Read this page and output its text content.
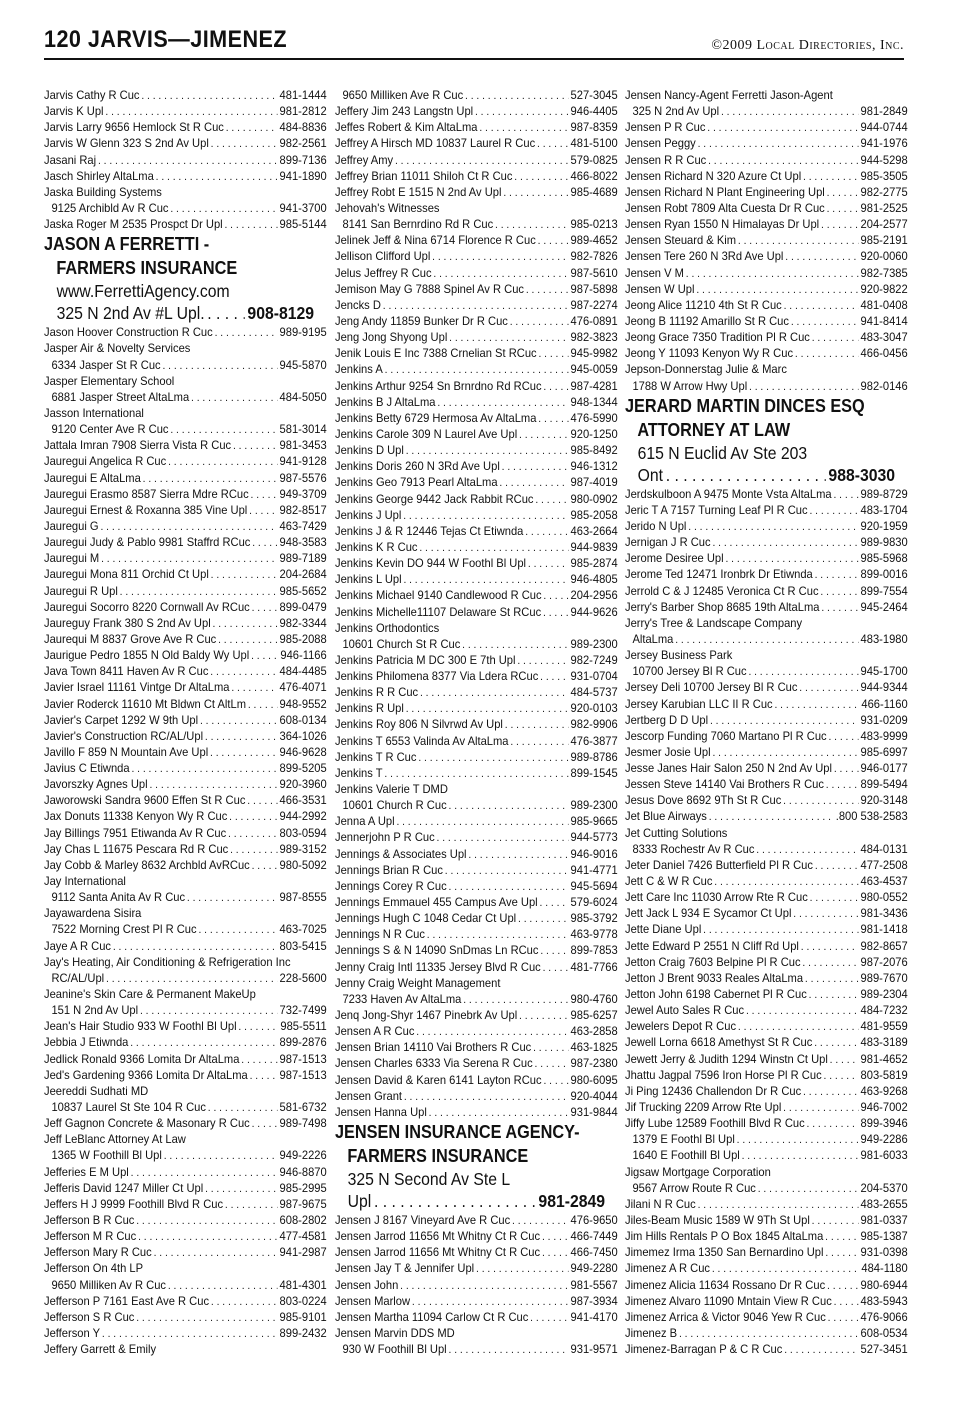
120 JARVIS—JIMENEZ	©2009 Local Directories, Inc.
Jarvis Cathy R Cuc . . .	481-1444
Jarvis K Upl . . .	981-2812
Jarvis Larry 9656 Hemlock St R Cuc . . .	484-8836
Jarvis W Glenn 323 S 2nd Av Upl . . .	982-2561
Jasani Raj . . .	899-7136
Jasch Shirley AltaLma . . .	941-1890
Jaska Building Systems
9125 Archibld Av R Cuc . . .	941-3700
Jaska Roger M 2535 Prospct Dr Upl . . .	985-5144
JASON A FERRETTI -
FARMERS INSURANCE
www.FerrettiAgency.com
325 N 2nd Av #L Upl. . . . 908-8129
Jason Hoover Construction R Cuc . . .	989-9195
Jasper Air & Novelty Services
6334 Jasper St R Cuc . . .	945-5870
Jasper Elementary School
6881 Jasper Street AltaLma . . .	484-5050
Jasson International
9120 Center Ave R Cuc . . .	581-3014
Jattala Imran 7908 Sierra Vista R Cuc . . .	981-3453
Jauregui Angelica R Cuc . . .	941-9128
Jauregui E AltaLma . . .	987-5576
Jauregui Erasmo 8587 Sierra Mdre RCuc . . .	949-3709
Jauregui Ernest & Roxanna 385 Vine Upl . . .	982-8517
Jauregui G . . .	463-7429
Jauregui Judy & Pablo 9981 Staffrd RCuc . . . 948-3583
Jauregui M . . .	989-7189
Jauregui Mona 811 Orchid Ct Upl . . .	204-2684
Jauregui R Upl . . .	985-5652
Jauregui Socorro 8220 Cornwall Av RCuc . . . 899-0479
Jaureguy Frank 380 S 2nd Av Upl . . .	982-3344
Jaurequi M 8837 Grove Ave R Cuc . . .	985-2088
Jaurigue Pedro 1855 N Old Baldy Wy Upl . . .	946-1166
Java Town 8411 Haven Av R Cuc . . .	484-4485
Javier Israel 11161 Vintge Dr AltaLma . . .	476-4071
Javier Roderck 11610 Mt Bldwn Ct AltLm . . .	948-9552
Javier's Carpet 1292 W 9th Upl . . .	608-0134
Javier's Construction RC/AL/Upl . . .	364-1026
Javillo F 859 N Mountain Ave Upl . . .	946-9628
Javius C Etiwnda . . .	899-5205
Javorszky Agnes Upl . . .	920-3960
Jaworowski Sandra 9600 Effen St R Cuc . . .	466-3531
Jax Donuts 11338 Kenyon Wy R Cuc . . .	944-2992
Jay Billings 7951 Etiwanda Av R Cuc . . .	803-0594
Jay Chas L 11675 Pescara Rd R Cuc . . .	989-3152
Jay Cobb & Marley 8632 Archbld AvRCuc . . . 980-5092
Jay International
9112 Santa Anita Av R Cuc . . .	987-8555
Jayawardena Sisira
7522 Morning Crest Pl R Cuc . . .	463-7025
Jaye A R Cuc . . .	803-5415
Jay's Heating, Air Conditioning & Refrigeration Inc
RC/AL/Upl . . .	228-5600
Jeanine's Skin Care & Permanent MakeUp
151 N 2nd Av Upl . . .	732-7499
Jean's Hair Studio 933 W Foothl Bl Upl . . .	985-5511
Jebbia J Etiwnda . . .	899-2876
Jedlick Ronald 9366 Lomita Dr AltaLma . . .	987-1513
Jed's Gardening 9366 Lomita Dr AltaLma . . .	987-1513
Jeereddi Sudhati MD
10837 Laurel St Ste 104 R Cuc . . .	581-6732
Jeff Gagnon Concrete & Masonary R Cuc . . . 989-7498
Jeff LeBlanc Attorney At Law
1365 W Foothill Bl Upl . . .	949-2226
Jefferies E M Upl . . .	946-8870
Jefferis David 1247 Miller Ct Upl . . .	985-2995
Jeffers H J 9999 Foothill Blvd R Cuc . . .	987-9675
Jefferson B R Cuc . . .	608-2802
Jefferson M R Cuc . . .	477-4581
Jefferson Mary R Cuc . . .	941-2987
Jefferson On 4th LP
9650 Milliken Av R Cuc . . .	481-4301
Jefferson P 7161 East Ave R Cuc . . .	803-0224
Jefferson S R Cuc . . .	985-9101
Jefferson Y . . .	899-2432
Jeffery Garrett & Emily
9650 Milliken Ave R Cuc . . .	527-3045
Jeffery Jim 243 Langstn Upl . . .	946-4405
Jeffes Robert & Kim AltaLma . . .	987-8359
Jeffrey A Hirsch MD 10837 Laurel R Cuc . . .	481-5100
Jeffrey Amy . . .	579-0825
Jeffrey Brian 11011 Shiloh Ct R Cuc . . .	466-8022
Jeffrey Robt E 1515 N 2nd Av Upl . . .	985-4689
Jehovah's Witnesses
8141 San Bernrdino Rd R Cuc . . .	985-0213
Jelinek Jeff & Nina 6714 Florence R Cuc . . .	989-4652
Jellison Clifford Upl . . .	982-7826
Jelus Jeffrey R Cuc . . .	987-5610
Jemison May G 7888 Spinel Av R Cuc . . .	987-5898
Jencks D . . .	987-2274
Jeng Andy 11859 Bunker Dr R Cuc . . .	476-0891
Jeng Jong Shyong Upl . . .	982-3823
Jenik Louis E Inc 7388 Crnelian St RCuc . . .	945-9982
Jenkins A . . .	945-0059
Jenkins Arthur 9254 Sn Brnrdno Rd RCuc . . . 987-4281
Jenkins B J AltaLma . . .	948-1344
Jenkins Betty 6729 Hermosa Av AltaLma . . .	476-5990
Jenkins Carole 309 N Laurel Ave Upl . . .	920-1250
Jenkins D Upl . . .	985-8492
Jenkins Doris 260 N 3Rd Ave Upl . . .	946-1312
Jenkins Geo 7913 Pearl AltaLma . . .	987-4019
Jenkins George 9442 Jack Rabbit RCuc . . .	980-0902
Jenkins J Upl . . .	985-2058
Jenkins J & R 12446 Tejas Ct Etiwnda . . .	463-2664
Jenkins K R Cuc . . .	944-9839
Jenkins Kevin DO 944 W Foothl Bl Upl . . .	985-2874
Jenkins L Upl . . .	946-4805
Jenkins Michael 9140 Candlewood R Cuc . . . 204-2956
Jenkins Michelle11107 Delaware St RCuc . . . 944-9626
Jenkins Orthodontics
10601 Church St R Cuc . . .	989-2300
Jenkins Patricia M DC 300 E 7th Upl . . .	982-7249
Jenkins Philomena 8377 Via Ldera RCuc . . .	931-0704
Jenkins R R Cuc . . .	484-5737
Jenkins R Upl . . .	920-0103
Jenkins Roy 806 N Silvrwd Av Upl . . .	982-9906
Jenkins T 6553 Valinda Av AltaLma . . .	476-3877
Jenkins T R Cuc . . .	989-8786
Jenkins T . . .	899-1545
Jenkins Valerie T DMD
10601 Church R Cuc . . .	989-2300
Jenna A Upl . . .	985-9665
Jennerjohn P R Cuc . . .	944-5773
Jennings & Associates Upl . . .	946-9016
Jennings Brian R Cuc . . .	941-4771
Jennings Corey R Cuc . . .	945-5694
Jennings Emmauel 455 Campus Ave Upl . . .	579-6024
Jennings Hugh C 1048 Cedar Ct Upl . . .	985-3792
Jennings N R Cuc . . .	463-9778
Jennings S & N 14090 SnDmas Ln RCuc . . .	899-7853
Jenny Craig Intl 11335 Jersey Blvd R Cuc . . . 481-7766
Jenny Craig Weight Management
7233 Haven Av AltaLma . . .	980-4760
Jenq Jong-Shyr 1467 Pinebrk Av Upl . . .	985-6257
Jensen A R Cuc . . .	463-2858
Jensen Brian 14110 Vai Brothers R Cuc . . .	463-1825
Jensen Charles 6333 Via Serena R Cuc . . .	987-2380
Jensen David & Karen 6141 Layton RCuc . . . 980-6095
Jensen Grant . . .	920-4044
Jensen Hanna Upl . . .	931-9844
JENSEN INSURANCE AGENCY-
FARMERS INSURANCE
325 N Second Av Ste L
Upl . . .	981-2849
Jensen J 8167 Vineyard Ave R Cuc . . .	476-9650
Jensen Jarrod 11656 Mt Whitny Ct R Cuc . . .	466-7449
Jensen Jarrod 11656 Mt Whitny Ct R Cuc . . .	466-7450
Jensen Jay T & Jennifer Upl . . .	949-2280
Jensen John . . .	981-5567
Jensen Marlow . . .	987-3934
Jensen Martha 11094 Carlow Ct R Cuc . . .	941-4170
Jensen Marvin DDS MD
930 W Foothill Bl Upl . . .	931-9571
Jensen Nancy-Agent Ferretti Jason-Agent
325 N 2nd Av Upl . . .	981-2849
Jensen P R Cuc . . .	944-0744
Jensen Peggy . . .	941-1976
Jensen R R Cuc . . .	944-5298
Jensen Richard N 320 Azure Ct Upl . . .	985-3505
Jensen Richard N Plant Engineering Upl . . .	982-2775
Jensen Robt 7809 Alta Cuesta Dr R Cuc . . .	981-2525
Jensen Ryan 1550 N Himalayas Dr Upl . . .	204-2577
Jensen Steuard & Kim . . .	985-2191
Jensen Tere 260 N 3Rd Ave Upl . . .	920-0060
Jensen V M . . .	982-7385
Jensen W Upl . . .	920-9822
Jeong Alice 11210 4th St R Cuc . . .	481-0408
Jeong B 11192 Amarillo St R Cuc . . .	941-8414
Jeong Grace 7350 Tradition Pl R Cuc . . .	483-3047
Jeong Y 11093 Kenyon Wy R Cuc . . .	466-0456
Jepson-Donnerstag Julie & Marc
1788 W Arrow Hwy Upl . . .	982-0146
JERARD MARTIN DINCES ESQ
ATTORNEY AT LAW
615 N Euclid Av Ste 203
Ont . . .	988-3030
Jerdskulboon A 9475 Monte Vsta AltaLma . . . 989-8729
Jeric T A 7157 Turning Leaf Pl R Cuc . . .	483-1704
Jerido N Upl . . .	920-1959
Jernigan J R Cuc . . .	989-9830
Jerome Desiree Upl . . .	985-5968
Jerome Ted 12471 Ironbrk Dr Etiwnda . . .	899-0016
Jerrold C & J 12485 Veronica Ct R Cuc . . .	899-7554
Jerry's Barber Shop 8685 19th AltaLma . . .	945-2464
Jerry's Tree & Landscape Company
AltaLma . . .	483-1980
Jersey Business Park
10700 Jersey Bl R Cuc . . .	945-1700
Jersey Deli 10700 Jersey Bl R Cuc . . .	944-9344
Jersey Karubian LLC II R Cuc . . .	466-1160
Jertberg D D Upl . . .	931-0209
Jescorp Funding 7060 Martano Pl R Cuc . . .	483-9999
Jesmer Josie Upl . . .	985-6997
Jesse Janes Hair Salon 250 N 2nd Av Upl . . . 946-0177
Jessen Steve 14140 Vai Brothers R Cuc . . .	899-5494
Jesus Dove 8692 9Th St R Cuc . . .	920-3148
Jet Blue Airways . . .	.800 538-2583
Jet Cutting Solutions
8333 Rochestr Av R Cuc . . .	484-0131
Jeter Daniel 7426 Butterfield Pl R Cuc . . .	477-2508
Jett C & W R Cuc . . .	463-4537
Jett Care Inc 11030 Arrow Rte R Cuc . . .	980-0552
Jett Jack L 934 E Sycamor Ct Upl . . .	981-3436
Jette Diane Upl . . .	981-1418
Jette Edward P 2551 N Cliff Rd Upl . . .	982-8657
Jetton Craig 7603 Belpine Pl R Cuc . . .	987-2076
Jetton J Brent 9033 Reales AltaLma . . .	989-7670
Jetton John 6198 Cabernet Pl R Cuc . . .	989-2304
Jewel Auto Sales R Cuc . . .	484-7232
Jewelers Depot R Cuc . . .	481-9559
Jewell Lorna 6618 Amethyst St R Cuc . . .	483-3189
Jewett Jerry & Judith 1294 Winstn Ct Upl . . .	981-4652
Jhattu Jagpal 7596 Iron Horse Pl R Cuc . . .	803-5819
Ji Ping 12436 Challendon Dr R Cuc . . .	463-9268
Jif Trucking 2209 Arrow Rte Upl . . .	946-7002
Jiffy Lube 12589 Foothill Blvd R Cuc . . .	899-3946
1379 E Foothl Bl Upl . . .	949-2286
1640 E Foothill Bl Upl . . .	981-6033
Jigsaw Mortgage Corporation
9567 Arrow Route R Cuc . . .	204-5370
Jilani N R Cuc . . .	483-2655
Jiles-Beam Music 1589 W 9Th St Upl . . .	981-0337
Jim Hills Rentals P O Box 1845 AltaLma . . .	985-1387
Jimemez Irma 1350 San Bernardino Upl . . .	931-0398
Jimenez A R Cuc . . .	484-1180
Jimenez Alicia 11634 Rossano Dr R Cuc . . .	980-6944
Jimenez Alvaro 11090 Mntain View R Cuc . . . 483-5943
Jimenez Arrica & Victor 9046 Yew R Cuc . . .	476-9066
Jimenez B . . .	608-0534
Jimenez-Barragan P & C R Cuc . . .	527-3451
